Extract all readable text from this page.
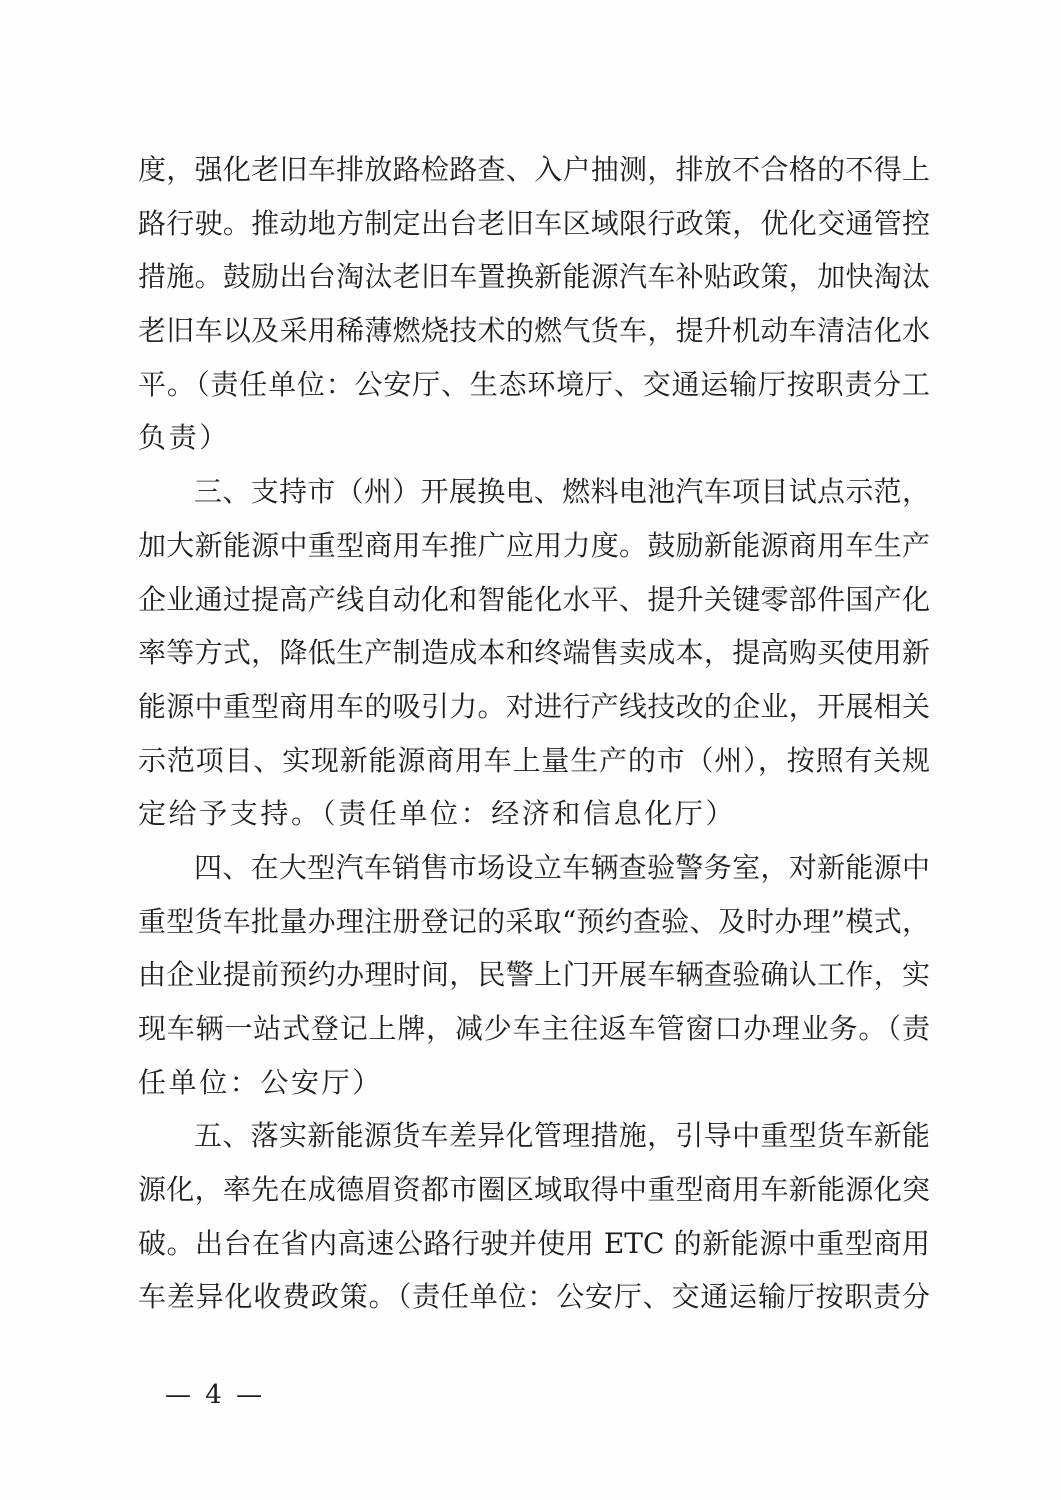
度，强化老旧车排放路检路查、入户抽测，排放不合格的不得上
路行驶。推动地方制定出台老旧车区域限行政策，优化交通管控
措施。鼓励出台淘汰老旧车置换新能源汽车补贴政策，加快淘汰
老旧车以及采用稀薄燃烧技术的燃气货车，提升机动车清洁化水
平。（责任单位：公安厅、生态环境厅、交通运输厅按职责分工
负责）
三、支持市（州）开展换电、燃料电池汽车项目试点示范，
加大新能源中重型商用车推广应用力度。鼓励新能源商用车生产
企业通过提高产线自动化和智能化水平、提升关键零部件国产化
率等方式，降低生产制造成本和终端售卖成本，提高购买使用新
能源中重型商用车的吸引力。对进行产线技改的企业，开展相关
示范项目、实现新能源商用车上量生产的市（州），按照有关规
定给予支持。（责任单位：经济和信息化厅）
四、在大型汽车销售市场设立车辆查验警务室，对新能源中
重型货车批量办理注册登记的采取“预约查验、及时办理”模式，
由企业提前预约办理时间，民警上门开展车辆查验确认工作，实
现车辆一站式登记上牌，减少车主往返车管窗口办理业务。（责
任单位：公安厅）
五、落实新能源货车差异化管理措施，引导中重型货车新能
源化，率先在成德眉资都市圈区域取得中重型商用车新能源化突
破。出台在省内高速公路行驶并使用 ETC 的新能源中重型商用
车差异化收费政策。（责任单位：公安厅、交通运输厅按职责分
— 4 —
